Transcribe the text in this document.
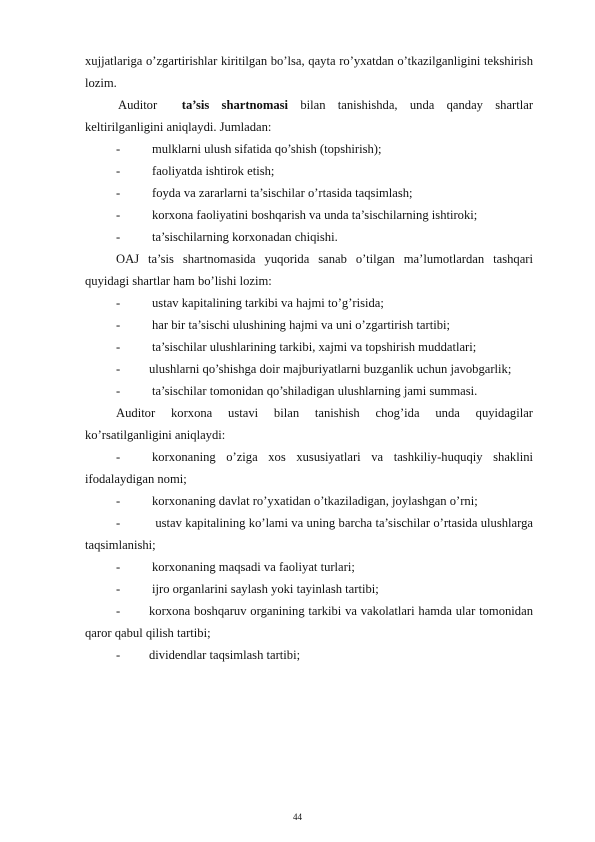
xujjatlariga o’zgartirishlar kiritilgan bo’lsa, qayta ro’yxatdan o’tkazilganligini tekshirish lozim.

Auditor ta’sis shartnomasi bilan tanishishda, unda qanday shartlar keltirilganligini aniqlaydi. Jumladan:

-	mulklarni ulush sifatida qo’shish (topshirish);

-	faoliyatda ishtirok etish;

-	foyda va zararlarni ta’sischilar o’rtasida taqsimlash;

-	korxona faoliyatini boshqarish va unda ta’sischilarning ishtiroki;

-	ta’sischilarning korxonadan chiqishi.

OAJ ta’sis shartnomasida yuqorida sanab o’tilgan ma’lumotlardan tashqari quyidagi shartlar ham bo’lishi lozim:

-	ustav kapitalining tarkibi va hajmi to’g’risida;

-	har bir ta’sischi ulushining hajmi va uni o’zgartirish tartibi;

-	ta’sischilar ulushlarining tarkibi, xajmi va topshirish muddatlari;

- ulushlarni qo’shishga doir majburiyatlarni buzganlik uchun javobgarlik;

-	ta’sischilar tomonidan qo’shiladigan ulushlarning jami summasi.

Auditor korxona ustavi bilan tanishish chog’ida unda quyidagilar ko’rsatilganligini aniqlaydi:

-	korxonaning o’ziga xos xususiyatlari va tashkiliy-huquqiy shaklini ifodalaydigan nomi;

-	korxonaning davlat ro’yxatidan o’tkaziladigan, joylashgan o’rni;

-	ustav kapitalining ko’lami va uning barcha ta’sischilar o’rtasida ulushlarga taqsimlanishi;

-	korxonaning maqsadi va faoliyat turlari;

-	ijro organlarini saylash yoki tayinlash tartibi;

- korxona boshqaruv organining tarkibi va vakolatlari hamda ular tomonidan qaror qabul qilish tartibi;

- dividendlar taqsimlash tartibi;

44
